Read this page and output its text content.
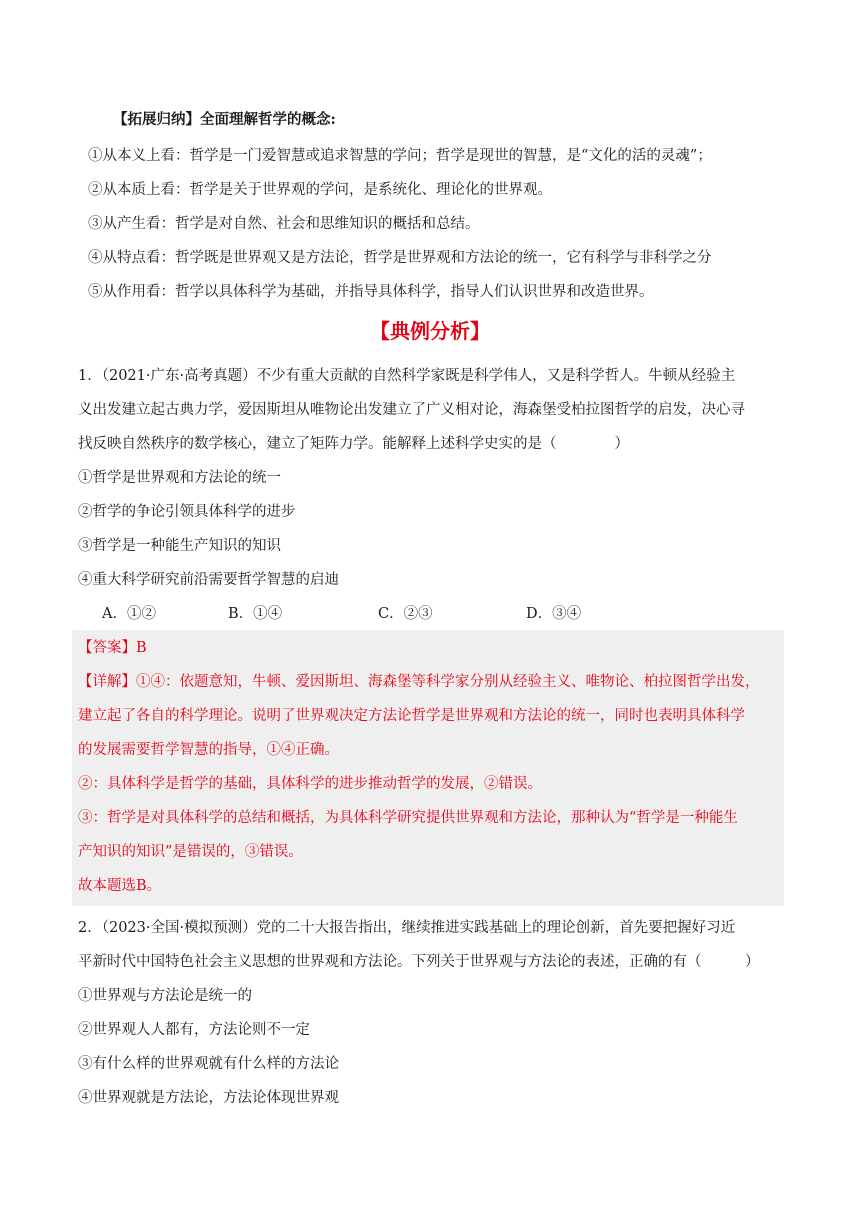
【拓展归纳】全面理解哲学的概念:
①从本义上看：哲学是一门爱智慧或追求智慧的学问；哲学是现世的智慧，是“文化的活的灵魂”；
②从本质上看：哲学是关于世界观的学问，是系统化、理论化的世界观。
③从产生看：哲学是对自然、社会和思维知识的概括和总结。
④从特点看：哲学既是世界观又是方法论，哲学是世界观和方法论的统一，它有科学与非科学之分
⑤从作用看：哲学以具体科学为基础，并指导具体科学，指导人们认识世界和改造世界。
【典例分析】
1．（2021·广东·高考真题）不少有重大贡献的自然科学家既是科学伟人，又是科学哲人。牛顿从经验主
义出发建立起古典力学，爱因斯坦从唯物论出发建立了广义相对论，海森堡受柏拉图哲学的启发，决心寻
找反映自然秩序的数学核心，建立了矩阵力学。能解释上述科学史实的是（　　　　）
①哲学是世界观和方法论的统一
②哲学的争论引领具体科学的进步
③哲学是一种能生产知识的知识
④重大科学研究前沿需要哲学智慧的启迪
A．①②	B．①④	C．②③	D．③④
【答案】B
【详解】①④：依题意知，牛顿、爱因斯坦、海森堡等科学家分别从经验主义、唯物论、柏拉图哲学出发，
建立起了各自的科学理论。说明了世界观决定方法论哲学是世界观和方法论的统一，同时也表明具体科学
的发展需要哲学智慧的指导，①④正确。
②：具体科学是哲学的基础，具体科学的进步推动哲学的发展，②错误。
③：哲学是对具体科学的总结和概括，为具体科学研究提供世界观和方法论，那种认为“哲学是一种能生
产知识的知识”是错误的，③错误。
故本题选B。
2．（2023·全国·模拟预测）党的二十大报告指出，继续推进实践基础上的理论创新，首先要把握好习近
平新时代中国特色社会主义思想的世界观和方法论。下列关于世界观与方法论的表述，正确的有（　　　）
①世界观与方法论是统一的
②世界观人人都有，方法论则不一定
③有什么样的世界观就有什么样的方法论
④世界观就是方法论，方法论体现世界观
